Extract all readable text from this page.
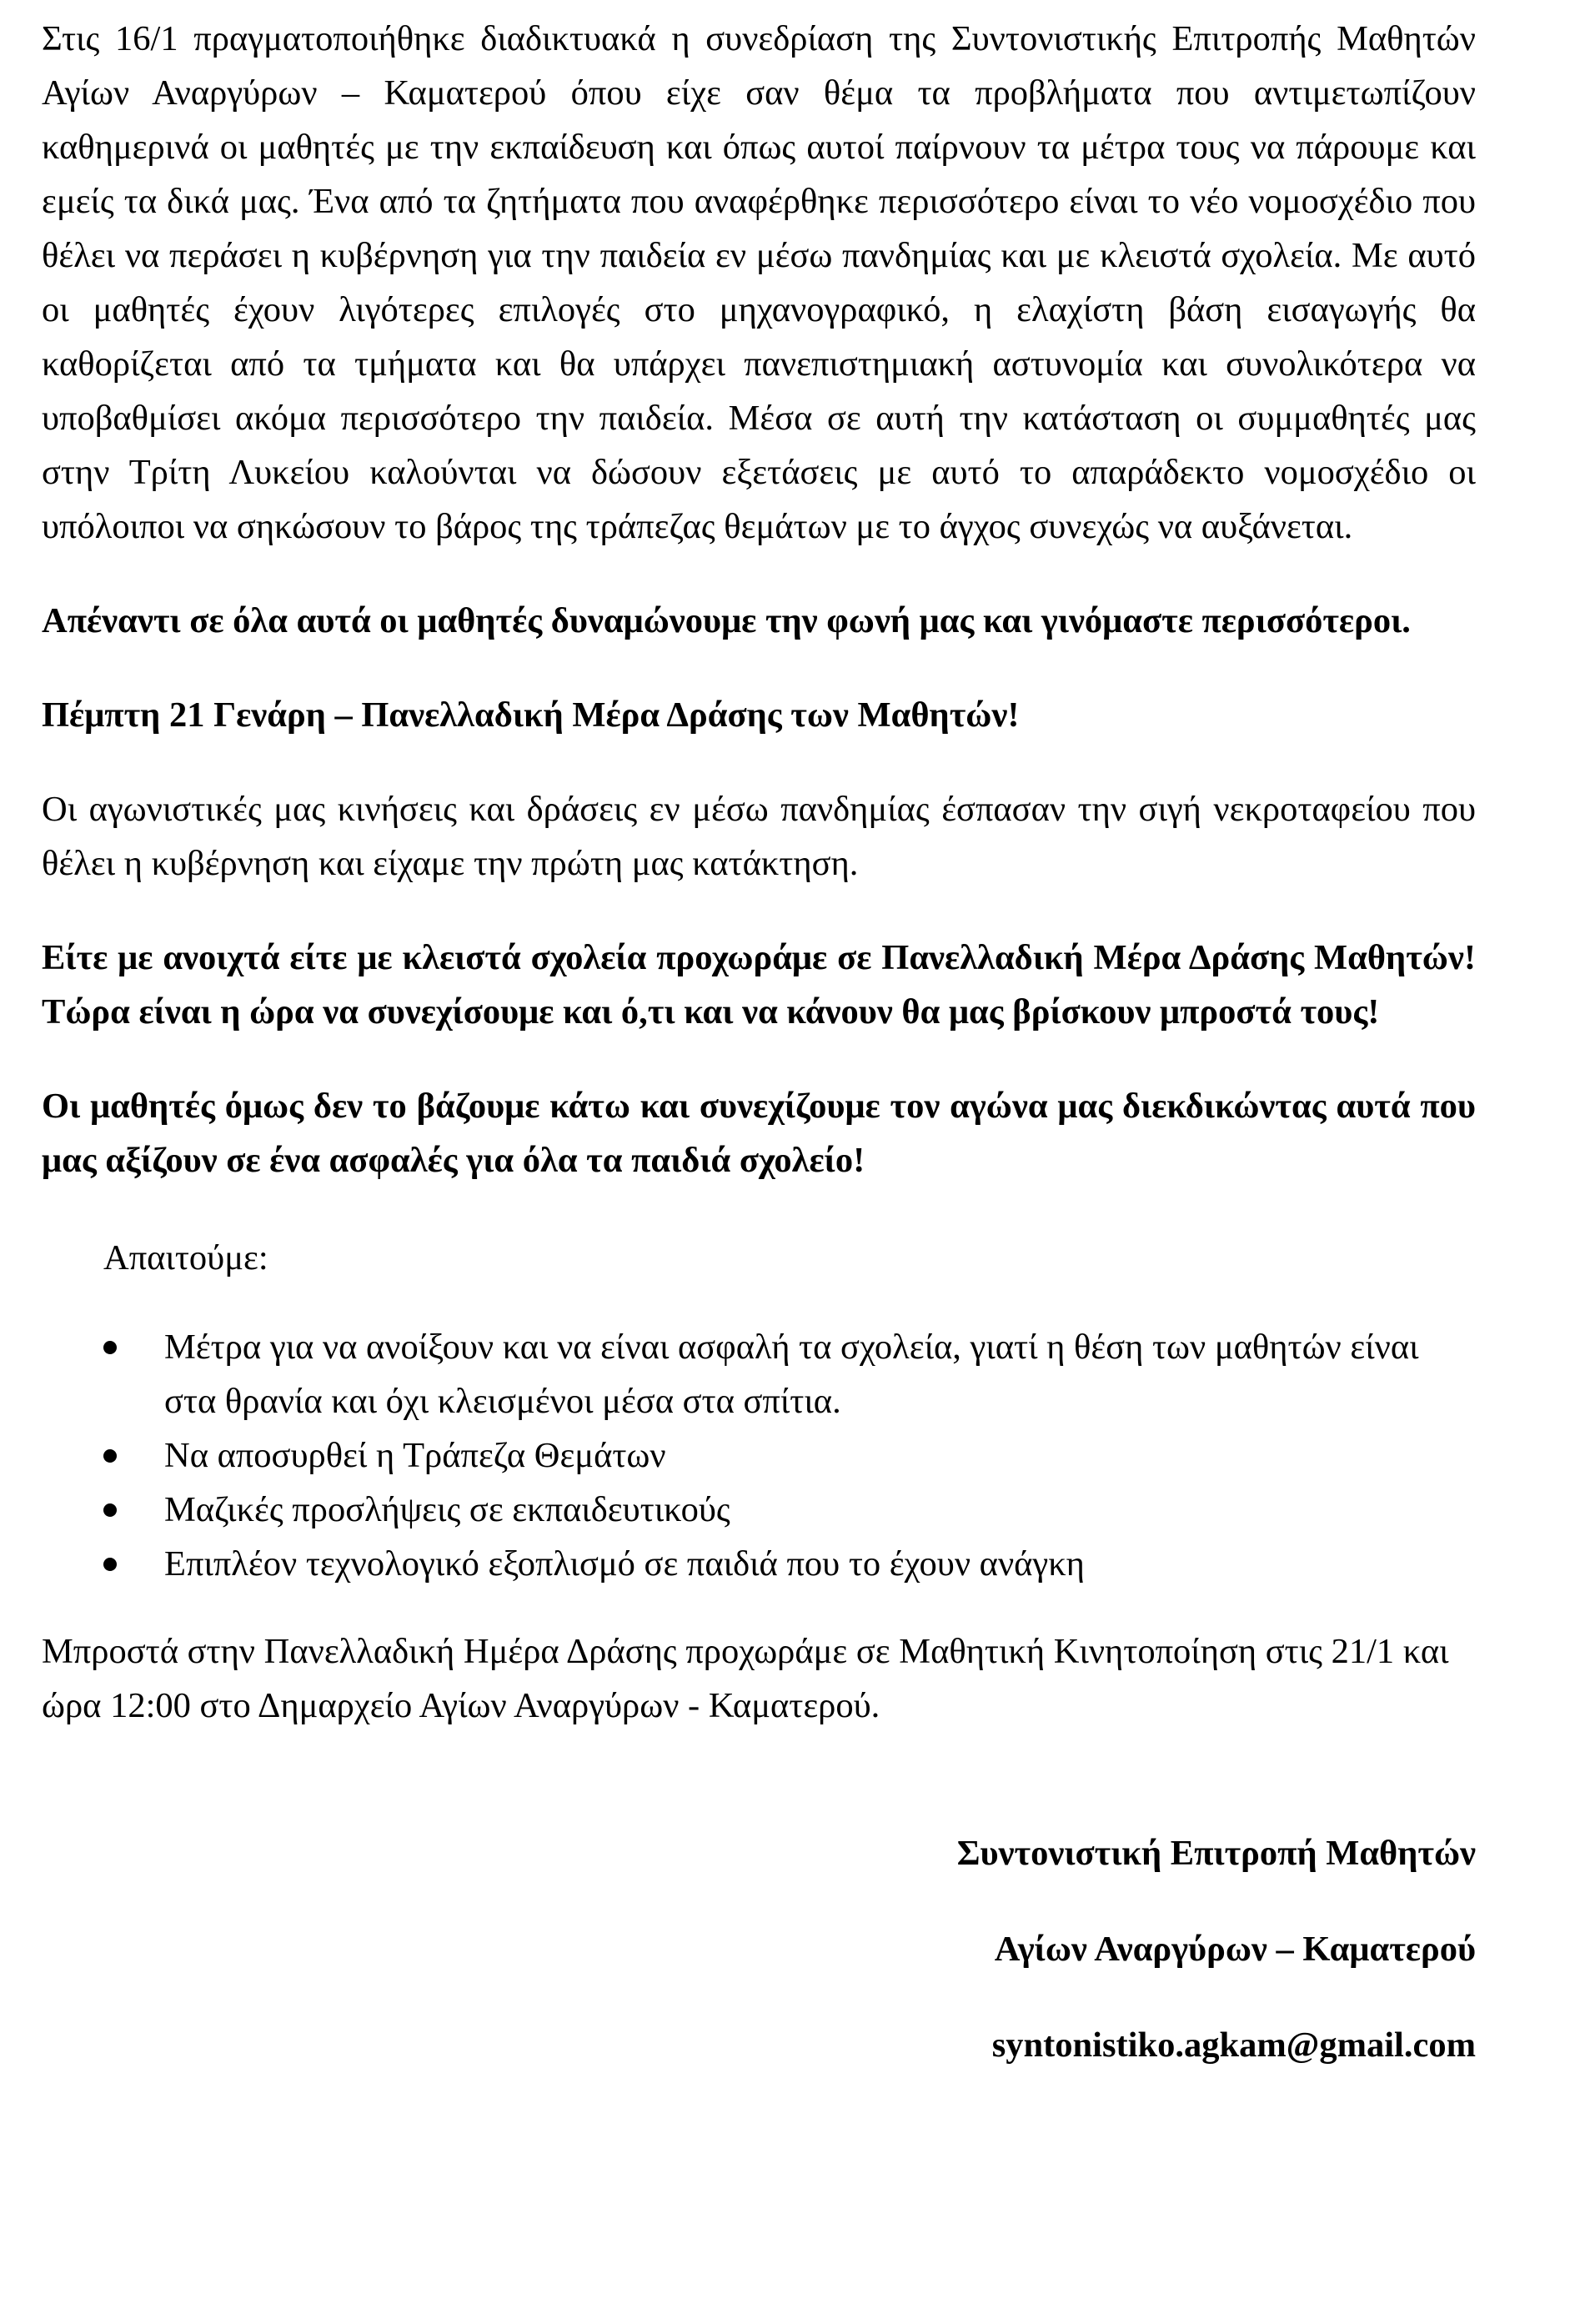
Στις 16/1 πραγματοποιήθηκε διαδικτυακά η συνεδρίαση της Συντονιστικής Επιτροπής Μαθητών Αγίων Αναργύρων – Καματερού όπου είχε σαν θέμα τα προβλήματα που αντιμετωπίζουν καθημερινά οι μαθητές με την εκπαίδευση και όπως αυτοί παίρνουν τα μέτρα τους να πάρουμε και εμείς τα δικά μας. Ένα από τα ζητήματα που αναφέρθηκε περισσότερο είναι το νέο νομοσχέδιο που θέλει να περάσει η κυβέρνηση για την παιδεία εν μέσω πανδημίας και με κλειστά σχολεία. Με αυτό οι μαθητές έχουν λιγότερες επιλογές στο μηχανογραφικό, η ελαχίστη βάση εισαγωγής θα καθορίζεται από τα τμήματα και θα υπάρχει πανεπιστημιακή αστυνομία και συνολικότερα να υποβαθμίσει ακόμα περισσότερο την παιδεία. Μέσα σε αυτή την κατάσταση οι συμμαθητές μας στην Τρίτη Λυκείου καλούνται να δώσουν εξετάσεις με αυτό το απαράδεκτο νομοσχέδιο οι υπόλοιποι να σηκώσουν το βάρος της τράπεζας θεμάτων με το άγχος συνεχώς να αυξάνεται.

Απέναντι σε όλα αυτά οι μαθητές δυναμώνουμε την φωνή μας και γινόμαστε περισσότεροι.

Πέμπτη 21 Γενάρη – Πανελλαδική Μέρα Δράσης των Μαθητών!

Οι αγωνιστικές μας κινήσεις και δράσεις εν μέσω πανδημίας έσπασαν την σιγή νεκροταφείου που θέλει η κυβέρνηση και είχαμε την πρώτη μας κατάκτηση.

Είτε με ανοιχτά είτε με κλειστά σχολεία προχωράμε σε Πανελλαδική Μέρα Δράσης Μαθητών! Τώρα είναι η ώρα να συνεχίσουμε και ό,τι και να κάνουν θα μας βρίσκουν μπροστά τους!

Οι μαθητές όμως δεν το βάζουμε κάτω και συνεχίζουμε τον αγώνα μας διεκδικώντας αυτά που μας αξίζουν σε ένα ασφαλές για όλα τα παιδιά σχολείο!

Απαιτούμε:
Μέτρα για να ανοίξουν και να είναι ασφαλή τα σχολεία, γιατί η θέση των μαθητών είναι στα θρανία και όχι κλεισμένοι μέσα στα σπίτια.
Να αποσυρθεί η Τράπεζα Θεμάτων
Μαζικές προσλήψεις σε εκπαιδευτικούς
Επιπλέον τεχνολογικό εξοπλισμό σε παιδιά που το έχουν ανάγκη

Μπροστά στην Πανελλαδική Ημέρα Δράσης προχωράμε σε Μαθητική Κινητοποίηση στις 21/1 και ώρα 12:00 στο Δημαρχείο Αγίων Αναργύρων - Καματερού.

Συντονιστική Επιτροπή Μαθητών
Αγίων Αναργύρων – Καματερού
syntonistiko.agkam@gmail.com
